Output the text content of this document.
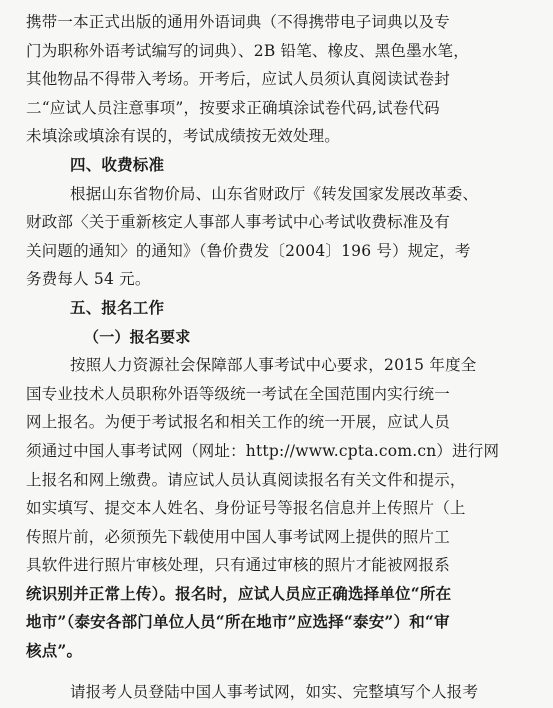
携带一本正式出版的通用外语词典（不得携带电子词典以及专
门为职称外语考试编写的词典）、2B 铅笔、橡皮、黑色墨水笔，
其他物品不得带入考场。开考后，应试人员须认真阅读试卷封
二“应试人员注意事项”，按要求正确填涂试卷代码,试卷代码
未填涂或填涂有误的，考试成绩按无效处理。
四、收费标准
根据山东省物价局、山东省财政厅《转发国家发展改革委、
财政部〈关于重新核定人事部人事考试中心考试收费标准及有
关问题的通知〉的通知》（鲁价费发〔2004〕196 号）规定，考
务费每人 54 元。
五、报名工作
（一）报名要求
按照人力资源社会保障部人事考试中心要求，2015 年度全
国专业技术人员职称外语等级统一考试在全国范围内实行统一
网上报名。为便于考试报名和相关工作的统一开展，应试人员
须通过中国人事考试网（网址：http://www.cpta.com.cn）进行网
上报名和网上缴费。请应试人员认真阅读报名有关文件和提示，
如实填写、提交本人姓名、身份证号等报名信息并上传照片（上
传照片前，必须预先下载使用中国人事考试网上提供的照片工
具软件进行照片审核处理，只有通过审核的照片才能被网报系
统识别并正常上传）。报名时，应试人员应正确选择单位“所在
地市”（泰安各部门单位人员“所在地市”应选择“泰安”）和“审
核点”。
请报考人员登陆中国人事考试网，如实、完整填写个人报考
